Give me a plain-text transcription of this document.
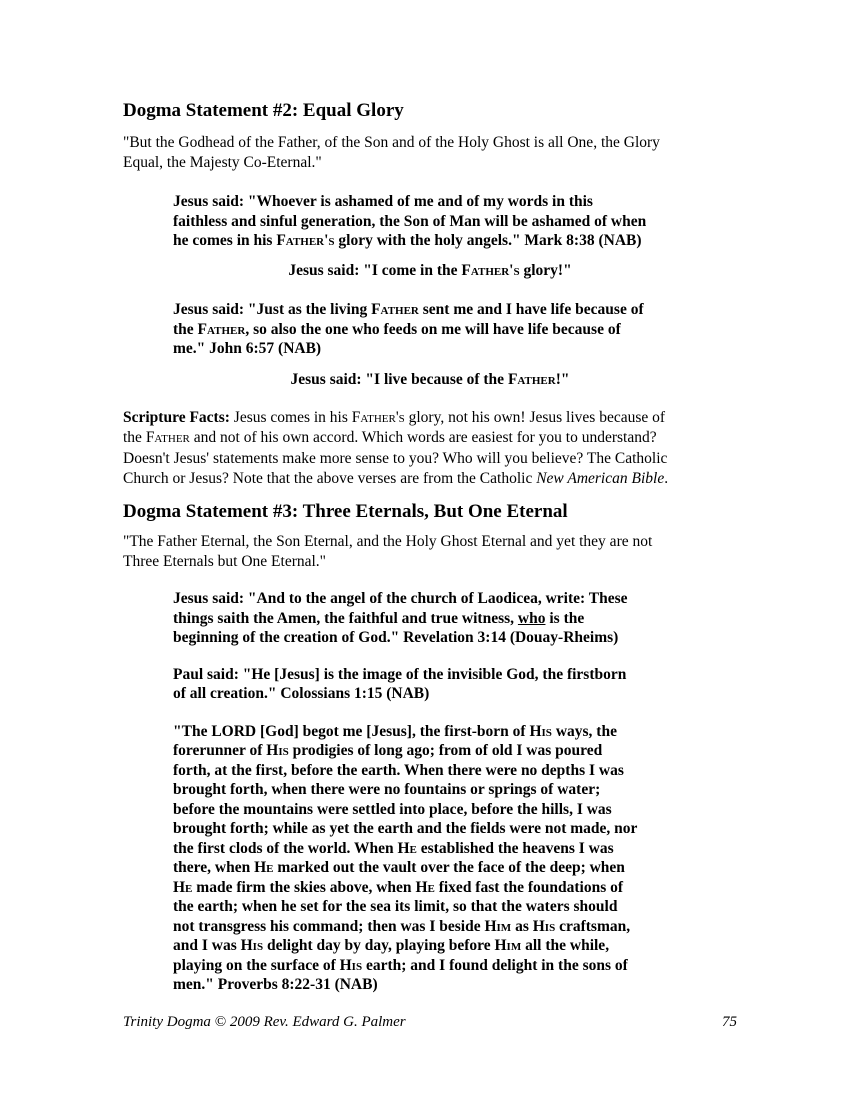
Dogma Statement #2: Equal Glory
"But the Godhead of the Father, of the Son and of the Holy Ghost is all One, the Glory
Equal, the Majesty Co-Eternal."
Jesus said: "Whoever is ashamed of me and of my words in this
faithless and sinful generation, the Son of Man will be ashamed of when
he comes in his Father's glory with the holy angels." Mark 8:38 (NAB)
Jesus said: "I come in the Father's glory!"
Jesus said: "Just as the living Father sent me and I have life because of
the Father, so also the one who feeds on me will have life because of
me." John 6:57 (NAB)
Jesus said: "I live because of the Father!"
Scripture Facts: Jesus comes in his Father's glory, not his own! Jesus lives because of
the Father and not of his own accord. Which words are easiest for you to understand?
Doesn't Jesus' statements make more sense to you? Who will you believe? The Catholic
Church or Jesus? Note that the above verses are from the Catholic New American Bible.
Dogma Statement #3: Three Eternals, But One Eternal
"The Father Eternal, the Son Eternal, and the Holy Ghost Eternal and yet they are not
Three Eternals but One Eternal."
Jesus said: "And to the angel of the church of Laodicea, write: These
things saith the Amen, the faithful and true witness, who is the
beginning of the creation of God." Revelation 3:14 (Douay-Rheims)
Paul said: "He [Jesus] is the image of the invisible God, the firstborn
of all creation." Colossians 1:15 (NAB)
"The LORD [God] begot me [Jesus], the first-born of His ways, the
forerunner of His prodigies of long ago; from of old I was poured
forth, at the first, before the earth. When there were no depths I was
brought forth, when there were no fountains or springs of water;
before the mountains were settled into place, before the hills, I was
brought forth; while as yet the earth and the fields were not made, nor
the first clods of the world. When He established the heavens I was
there, when He marked out the vault over the face of the deep; when
He made firm the skies above, when He fixed fast the foundations of
the earth; when he set for the sea its limit, so that the waters should
not transgress his command; then was I beside Him as His craftsman,
and I was His delight day by day, playing before Him all the while,
playing on the surface of His earth; and I found delight in the sons of
men." Proverbs 8:22-31 (NAB)
Trinity Dogma © 2009 Rev. Edward G. Palmer	75
